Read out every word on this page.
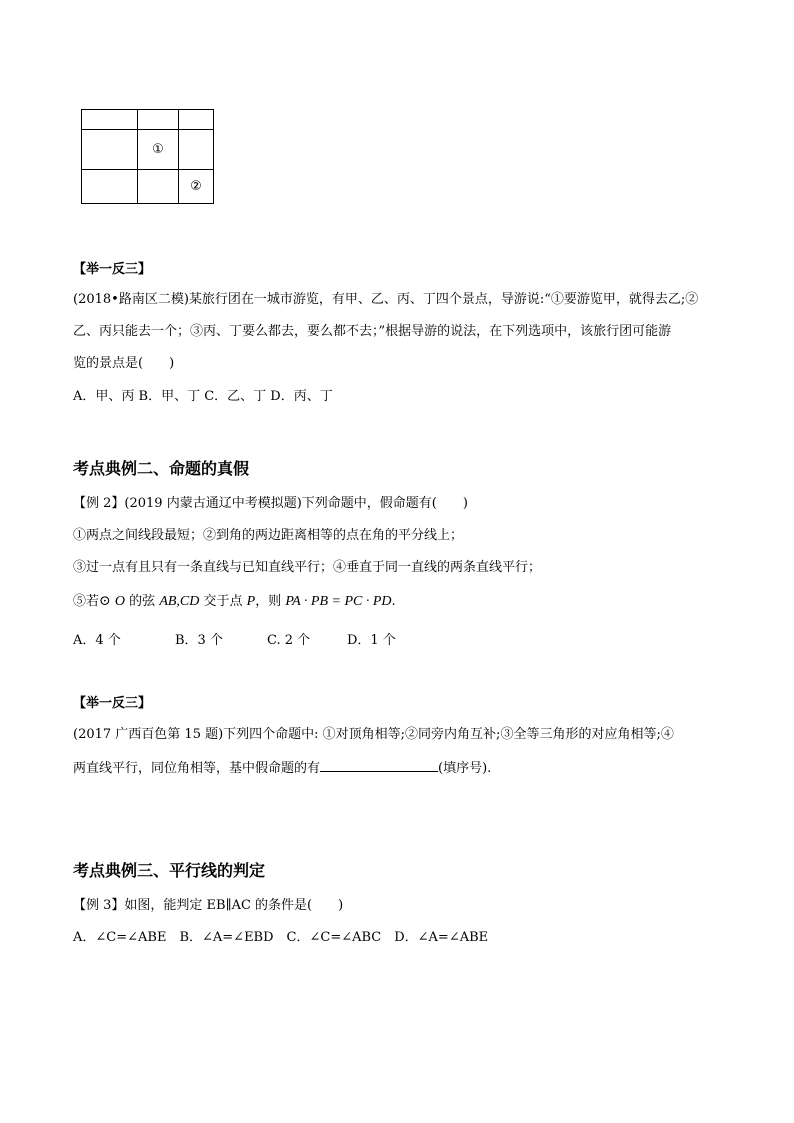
	①	
		②
【举一反三】
(2018•路南区二模)某旅行团在一城市游览，有甲、乙、丙、丁四个景点，导游说:“①要游览甲，就得去乙;②
乙、丙只能去一个；③丙、丁要么都去，要么都不去；”根据导游的说法，在下列选项中，该旅行团可能游
览的景点是(　　)
A．甲、丙 B．甲、丁 C．乙、丁 D．丙、丁
考点典例二、命题的真假
【例 2】(2019 内蒙古通辽中考模拟题)下列命题中，假命题有(　　)
①两点之间线段最短；②到角的两边距离相等的点在角的平分线上；
③过一点有且只有一条直线与已知直线平行；④垂直于同一直线的两条直线平行；
⑤若⊙ O 的弦 AB,CD 交于点 P，则 PA · PB = PC · PD.
A．4 个	B．3 个	C. 2 个	D．1 个
【举一反三】
(2017 广西百色第 15 题)下列四个命题中: ①对顶角相等;②同旁内角互补;③全等三角形的对应角相等;④
两直线平行，同位角相等，基中假命题的有	(填序号).
考点典例三、平行线的判定
【例 3】如图，能判定 EB∥AC 的条件是(　　)
A．∠C=∠ABE　B．∠A=∠EBD　C．∠C=∠ABC　D．∠A=∠ABE
